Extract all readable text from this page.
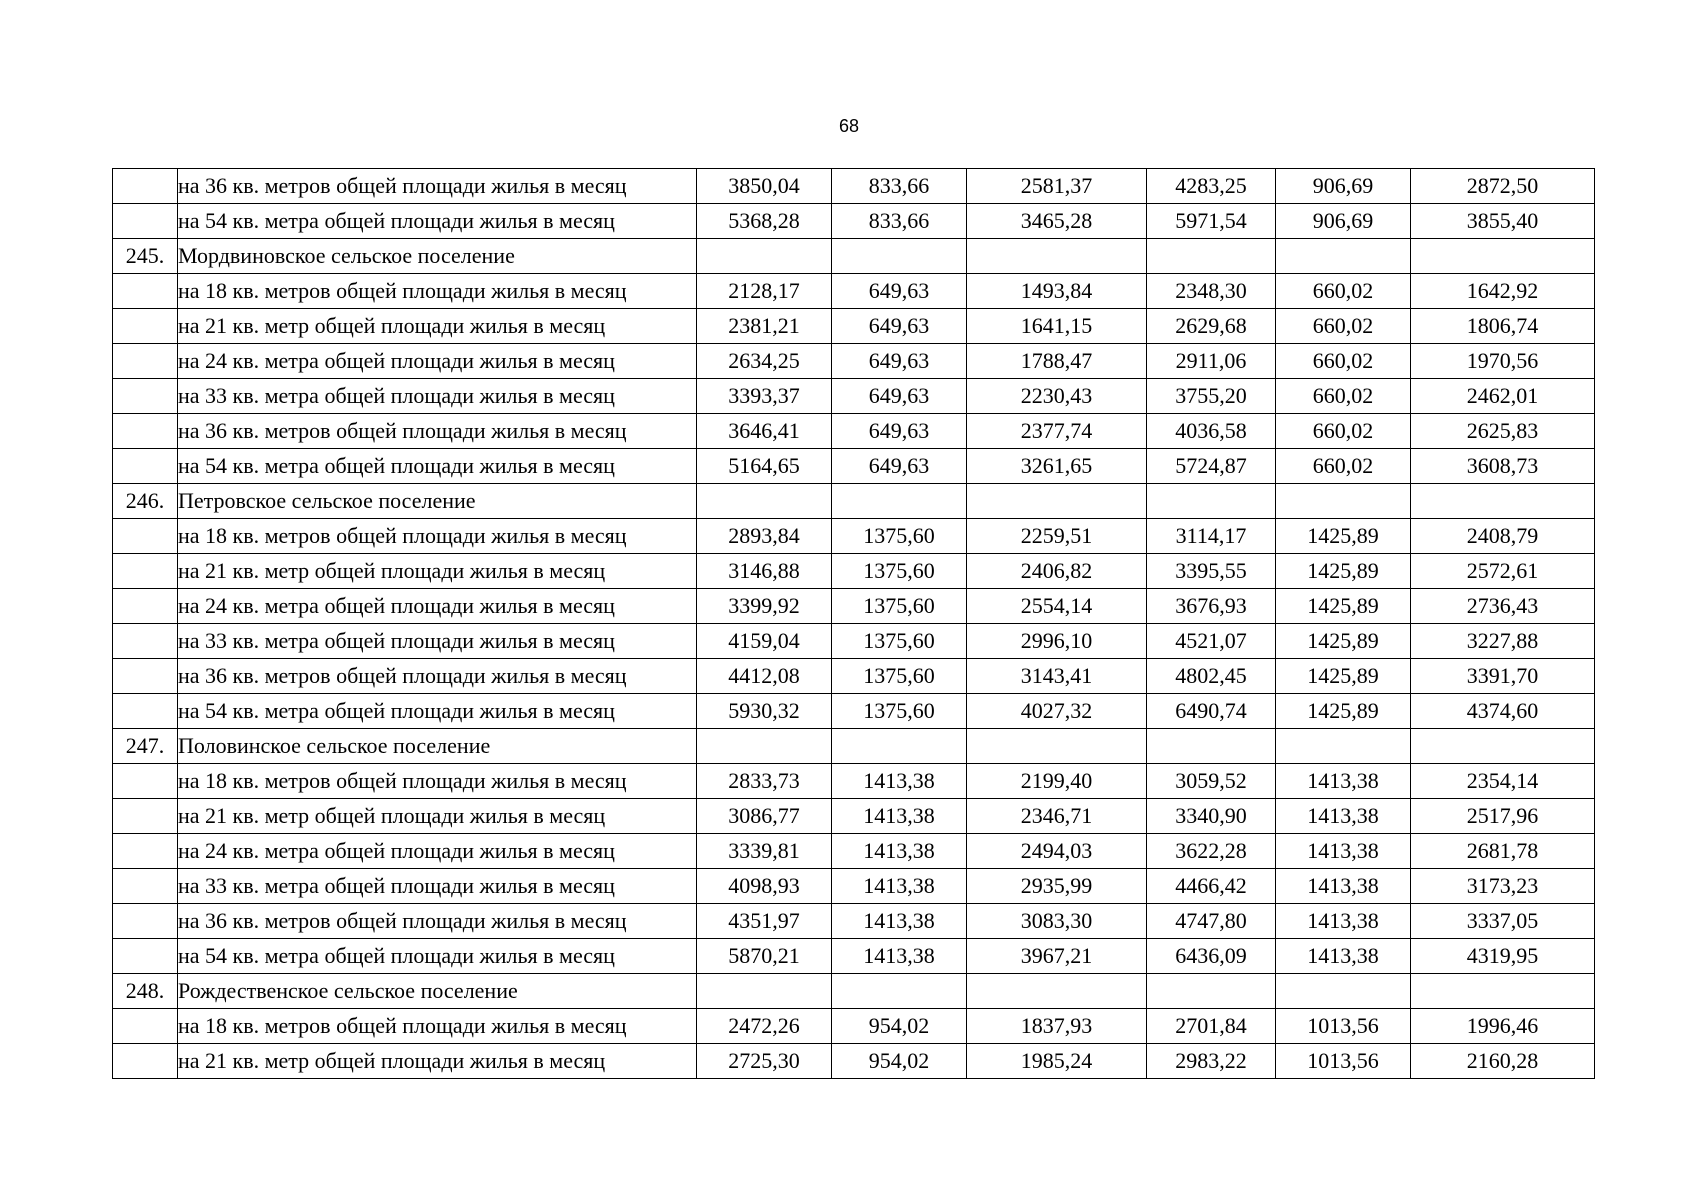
68
	на 36 кв. метров общей площади жилья в месяц	3850,04	833,66	2581,37	4283,25	906,69	2872,50
	на 54 кв. метра общей площади жилья в месяц	5368,28	833,66	3465,28	5971,54	906,69	3855,40
245.	Мордвиновское сельское поселение						
	на 18 кв. метров общей площади жилья в месяц	2128,17	649,63	1493,84	2348,30	660,02	1642,92
	на 21 кв. метр общей площади жилья в месяц	2381,21	649,63	1641,15	2629,68	660,02	1806,74
	на 24 кв. метра общей площади жилья в месяц	2634,25	649,63	1788,47	2911,06	660,02	1970,56
	на 33 кв. метра общей площади жилья в месяц	3393,37	649,63	2230,43	3755,20	660,02	2462,01
	на 36 кв. метров общей площади жилья в месяц	3646,41	649,63	2377,74	4036,58	660,02	2625,83
	на 54 кв. метра общей площади жилья в месяц	5164,65	649,63	3261,65	5724,87	660,02	3608,73
246.	Петровское сельское поселение						
	на 18 кв. метров общей площади жилья в месяц	2893,84	1375,60	2259,51	3114,17	1425,89	2408,79
	на 21 кв. метр общей площади жилья в месяц	3146,88	1375,60	2406,82	3395,55	1425,89	2572,61
	на 24 кв. метра общей площади жилья в месяц	3399,92	1375,60	2554,14	3676,93	1425,89	2736,43
	на 33 кв. метра общей площади жилья в месяц	4159,04	1375,60	2996,10	4521,07	1425,89	3227,88
	на 36 кв. метров общей площади жилья в месяц	4412,08	1375,60	3143,41	4802,45	1425,89	3391,70
	на 54 кв. метра общей площади жилья в месяц	5930,32	1375,60	4027,32	6490,74	1425,89	4374,60
247.	Половинское сельское поселение						
	на 18 кв. метров общей площади жилья в месяц	2833,73	1413,38	2199,40	3059,52	1413,38	2354,14
	на 21 кв. метр общей площади жилья в месяц	3086,77	1413,38	2346,71	3340,90	1413,38	2517,96
	на 24 кв. метра общей площади жилья в месяц	3339,81	1413,38	2494,03	3622,28	1413,38	2681,78
	на 33 кв. метра общей площади жилья в месяц	4098,93	1413,38	2935,99	4466,42	1413,38	3173,23
	на 36 кв. метров общей площади жилья в месяц	4351,97	1413,38	3083,30	4747,80	1413,38	3337,05
	на 54 кв. метра общей площади жилья в месяц	5870,21	1413,38	3967,21	6436,09	1413,38	4319,95
248.	Рождественское сельское поселение						
	на 18 кв. метров общей площади жилья в месяц	2472,26	954,02	1837,93	2701,84	1013,56	1996,46
	на 21 кв. метр общей площади жилья в месяц	2725,30	954,02	1985,24	2983,22	1013,56	2160,28
